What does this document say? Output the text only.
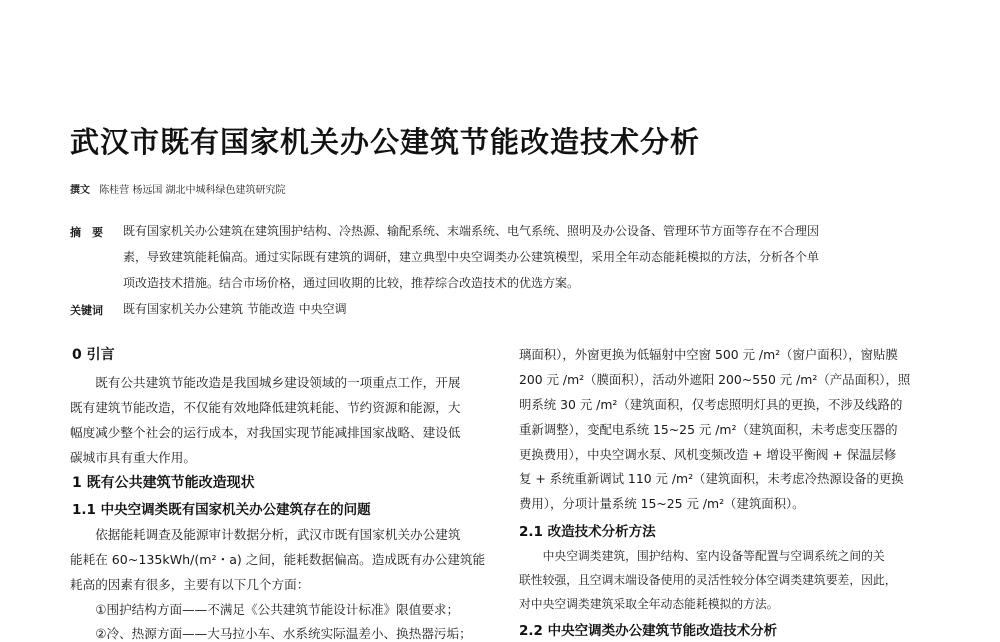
武汉市既有国家机关办公建筑节能改造技术分析
撰文 陈桂营 杨远国 湖北中城科绿色建筑研究院
摘　要 既有国家机关办公建筑在建筑围护结构、冷热源、输配系统、末端系统、电气系统、照明及办公设备、管理环节方面等存在不合理因
素，导致建筑能耗偏高。通过实际既有建筑的调研，建立典型中央空调类办公建筑模型，采用全年动态能耗模拟的方法，分析各个单
项改造技术措施。结合市场价格，通过回收期的比较，推荐综合改造技术的优选方案。
关键词 既有国家机关办公建筑 节能改造 中央空调
0 引言
　　既有公共建筑节能改造是我国城乡建设领域的一项重点工作，开展
既有建筑节能改造，不仅能有效地降低建筑耗能、节约资源和能源，大
幅度减少整个社会的运行成本，对我国实现节能减排国家战略、建设低
碳城市具有重大作用。
1 既有公共建筑节能改造现状
1.1 中央空调类既有国家机关办公建筑存在的问题
　　依据能耗调查及能源审计数据分析，武汉市既有国家机关办公建筑
能耗在 60~135kWh/(m²・a) 之间，能耗数据偏高。造成既有办公建筑能
耗高的因素有很多，主要有以下几个方面：
　　①围护结构方面——不满足《公共建筑节能设计标准》限值要求；
　　②冷、热源方面——大马拉小车、水系统实际温差小、换热器污垢；
璃面积），外窗更换为低辐射中空窗 500 元 /m²（窗户面积），窗贴膜
200 元 /m²（膜面积），活动外遮阳 200~550 元 /m²（产品面积），照
明系统 30 元 /m²（建筑面积，仅考虑照明灯具的更换，不涉及线路的
重新调整），变配电系统 15~25 元 /m²（建筑面积，未考虑变压器的
更换费用），中央空调水泵、风机变频改造 + 增设平衡阀 + 保温层修
复 + 系统重新调试 110 元 /m²（建筑面积，未考虑冷热源设备的更换
费用），分项计量系统 15~25 元 /m²（建筑面积）。
2.1 改造技术分析方法
　　中央空调类建筑，围护结构、室内设备等配置与空调系统之间的关
联性较强，且空调末端设备使用的灵活性较分体空调类建筑要差，因此，
对中央空调类建筑采取全年动态能耗模拟的方法。
2.2 中央空调类办公建筑节能改造技术分析
